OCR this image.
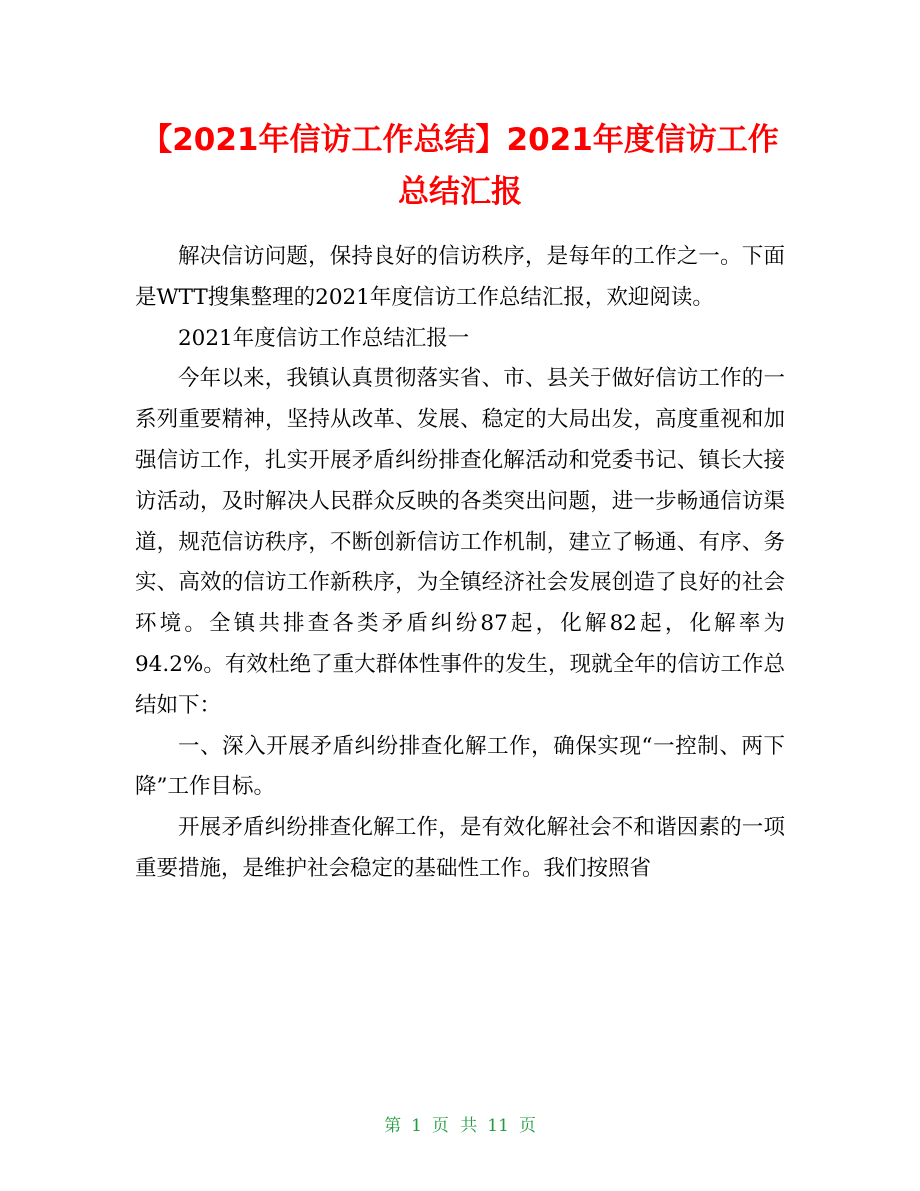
【2021年信访工作总结】2021年度信访工作
总结汇报

解决信访问题，保持良好的信访秩序，是每年的工作之一。下面是WTT搜集整理的2021年度信访工作总结汇报，欢迎阅读。

2021年度信访工作总结汇报一

今年以来，我镇认真贯彻落实省、市、县关于做好信访工作的一系列重要精神，坚持从改革、发展、稳定的大局出发，高度重视和加强信访工作，扎实开展矛盾纠纷排查化解活动和党委书记、镇长大接访活动，及时解决人民群众反映的各类突出问题，进一步畅通信访渠道，规范信访秩序，不断创新信访工作机制，建立了畅通、有序、务实、高效的信访工作新秩序，为全镇经济社会发展创造了良好的社会环境。全镇共排查各类矛盾纠纷87起，化解82起，化解率为94.2%。有效杜绝了重大群体性事件的发生，现就全年的信访工作总结如下：

一、深入开展矛盾纠纷排查化解工作，确保实现“一控制、两下降”工作目标。

开展矛盾纠纷排查化解工作，是有效化解社会不和谐因素的一项重要措施，是维护社会稳定的基础性工作。我们按照省

第 1 页 共 11 页
